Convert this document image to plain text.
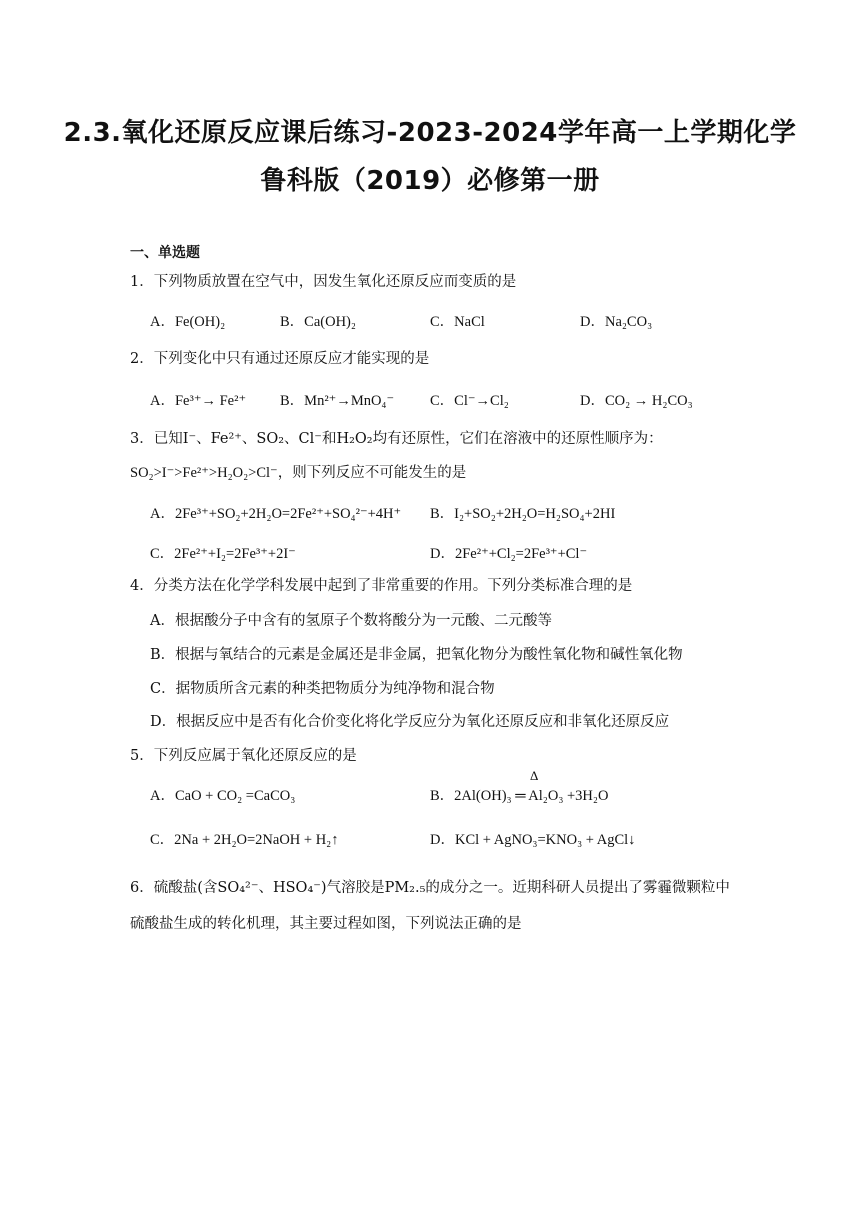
2.3.氧化还原反应课后练习-2023-2024学年高一上学期化学
鲁科版（2019）必修第一册
一、单选题
1．下列物质放置在空气中，因发生氧化还原反应而变质的是
A．Fe(OH)₂	B．Ca(OH)₂	C．NaCl	D．Na₂CO₃
2．下列变化中只有通过还原反应才能实现的是
A．Fe³⁺→ Fe²⁺ B．Mn²⁺→MnO₄⁻ C．Cl⁻→Cl₂	D．CO₂ → H₂CO₃
3．已知I⁻、Fe²⁺、SO₂、Cl⁻和H₂O₂均有还原性，它们在溶液中的还原性顺序为：
SO₂>I⁻>Fe²⁺>H₂O₂>Cl⁻，则下列反应不可能发生的是
A．2Fe³⁺+SO₂+2H₂O=2Fe²⁺+SO₄²⁻+4H⁺ B．I₂+SO₂+2H₂O=H₂SO₄+2HI
C．2Fe²⁺+I₂=2Fe³⁺+2I⁻	D．2Fe²⁺+Cl₂=2Fe³⁺+Cl⁻
4．分类方法在化学学科发展中起到了非常重要的作用。下列分类标准合理的是
A．根据酸分子中含有的氢原子个数将酸分为一元酸、二元酸等
B．根据与氧结合的元素是金属还是非金属，把氧化物分为酸性氧化物和碱性氧化物
C．据物质所含元素的种类把物质分为纯净物和混合物
D．根据反应中是否有化合价变化将化学反应分为氧化还原反应和非氧化还原反应
5．下列反应属于氧化还原反应的是
A．CaO + CO₂ =CaCO₃	B．2Al(OH)₃ ═ Al₂O₃ +3H₂O
Δ
C．2Na + 2H₂O=2NaOH + H₂↑	D．KCl + AgNO₃=KNO₃ + AgCl↓
6．硫酸盐(含SO₄²⁻、HSO₄⁻)气溶胶是PM₂.₅的成分之一。近期科研人员提出了雾霾微颗粒中
硫酸盐生成的转化机理，其主要过程如图，下列说法正确的是
